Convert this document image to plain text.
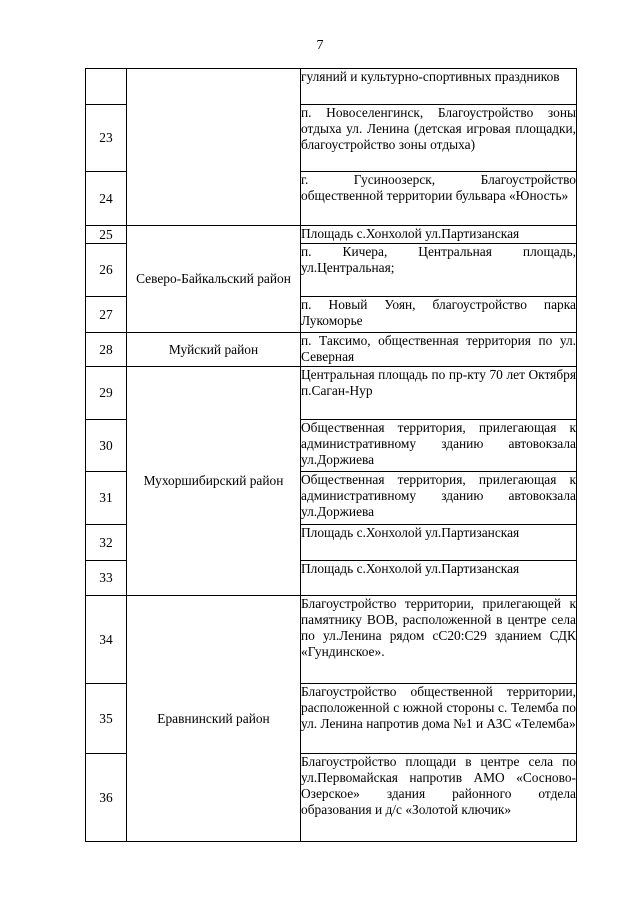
7

		гуляний и культурно-спортивных праздников

23		п. Новоселенгинск, Благоустройство зоны отдыха ул. Ленина (детская игровая площадки, благоустройство зоны отдыха)

24		г. Гусиноозерск, Благоустройство общественной территории бульвара «Юность»

25	Северо-Байкальский район	Площадь с.Хонхолой ул.Партизанская

26		п. Кичера, Центральная площадь, ул.Центральная;

27		п. Новый Уоян, благоустройство парка Лукоморье

28	Муйский район	п. Таксимо, общественная территория по ул. Северная

29	Мухоршибирский район	Центральная площадь по пр-кту 70 лет Октября п.Саган-Нур

30		Общественная территория, прилегающая к административному зданию автовокзала ул.Доржиева

31		Общественная территория, прилегающая к административному зданию автовокзала ул.Доржиева

32		Площадь с.Хонхолой ул.Партизанская

33		Площадь с.Хонхолой ул.Партизанская

34	Еравнинский район	Благоустройство территории, прилегающей к памятнику ВОВ, расположенной в центре села по ул.Ленина рядом сС20:С29 зданием СДК «Гундинское».

35		Благоустройство общественной территории, расположенной с южной стороны с. Телемба по ул. Ленина напротив дома №1 и АЗС «Телемба»

36		Благоустройство площади в центре села по ул.Первомайская напротив АМО «Сосново-Озерское» здания районного отдела образования и д/с «Золотой ключик»
